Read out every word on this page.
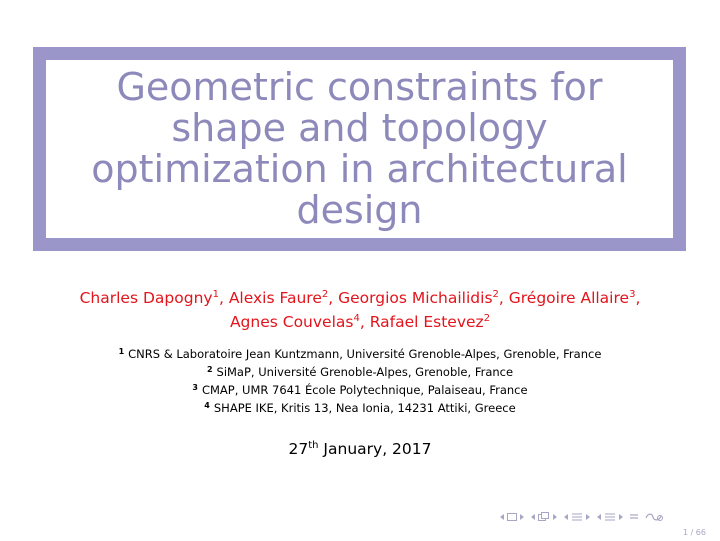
Geometric constraints for
shape and topology
optimization in architectural
design
Charles Dapogny$^1$, Alexis Faure$^2$, Georgios Michailidis$^2$, Grégoire Allaire$^3$,
Agnes Couvelas$^4$, Rafael Estevez$^2$
$^1$ CNRS & Laboratoire Jean Kuntzmann, Université Grenoble-Alpes, Grenoble, France
$^2$ SiMaP, Université Grenoble-Alpes, Grenoble, France
$^3$ CMAP, UMR 7641 École Polytechnique, Palaiseau, France
$^4$ SHAPE IKE, Kritis 13, Nea Ionia, 14231 Attiki, Greece
27th January, 2017
1 / 66
